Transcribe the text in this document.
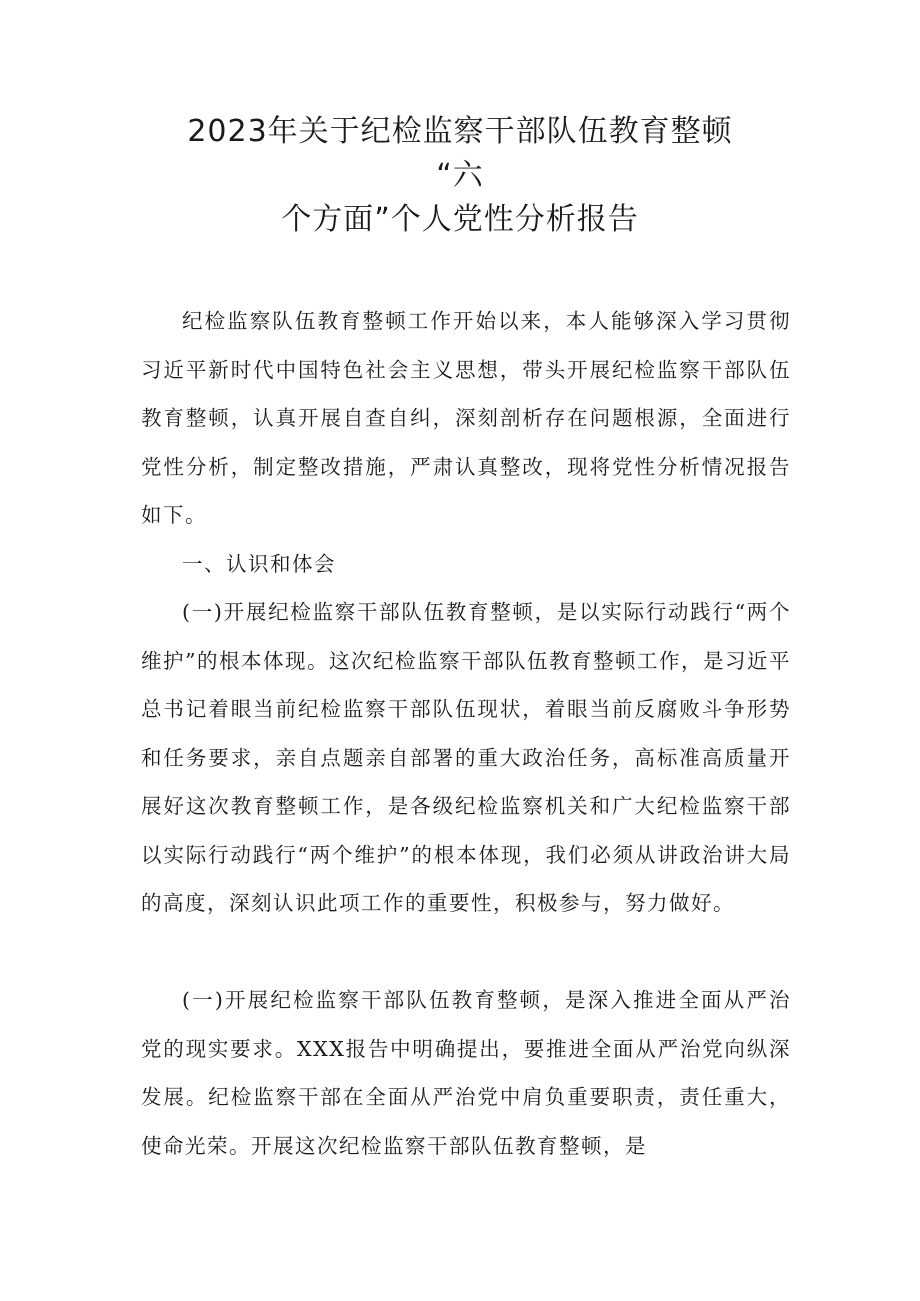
2023年关于纪检监察干部队伍教育整顿
“六
个方面”个人党性分析报告

纪检监察队伍教育整顿工作开始以来，本人能够深入学习贯彻习近平新时代中国特色社会主义思想，带头开展纪检监察干部队伍教育整顿，认真开展自查自纠，深刻剖析存在问题根源，全面进行党性分析，制定整改措施，严肃认真整改，现将党性分析情况报告如下。

一、认识和体会

(一)开展纪检监察干部队伍教育整顿，是以实际行动践行“两个维护”的根本体现。这次纪检监察干部队伍教育整顿工作，是习近平总书记着眼当前纪检监察干部队伍现状，着眼当前反腐败斗争形势和任务要求，亲自点题亲自部署的重大政治任务，高标准高质量开展好这次教育整顿工作，是各级纪检监察机关和广大纪检监察干部以实际行动践行“两个维护”的根本体现，我们必须从讲政治讲大局的高度，深刻认识此项工作的重要性，积极参与，努力做好。

(一)开展纪检监察干部队伍教育整顿，是深入推进全面从严治党的现实要求。XXX报告中明确提出，要推进全面从严治党向纵深发展。纪检监察干部在全面从严治党中肩负重要职责，责任重大，使命光荣。开展这次纪检监察干部队伍教育整顿，是
